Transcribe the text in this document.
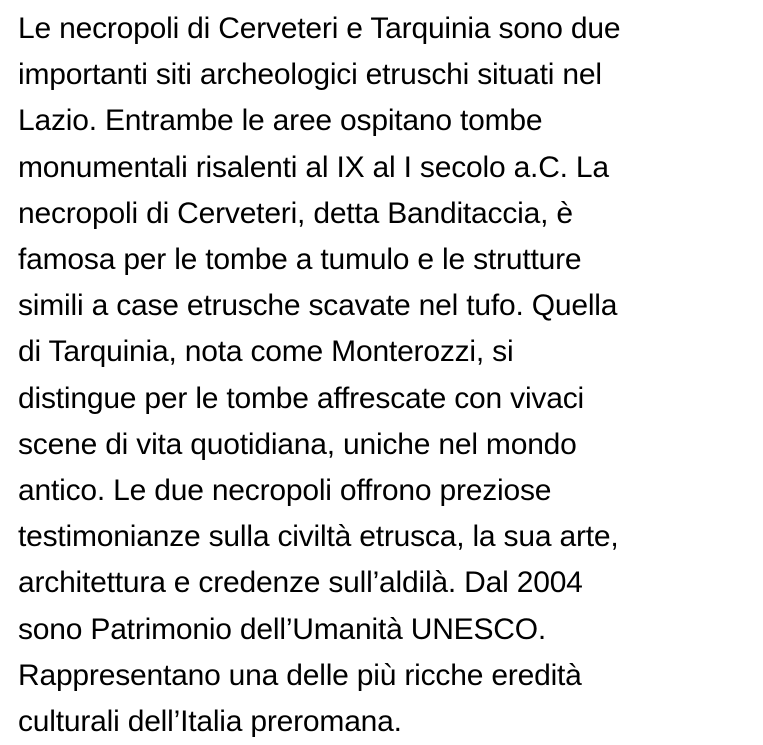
Le necropoli di Cerveteri e Tarquinia sono due
importanti siti archeologici etruschi situati nel
Lazio. Entrambe le aree ospitano tombe
monumentali risalenti al IX al I secolo a.C. La
necropoli di Cerveteri, detta Banditaccia, è
famosa per le tombe a tumulo e le strutture
simili a case etrusche scavate nel tufo. Quella
di Tarquinia, nota come Monterozzi, si
distingue per le tombe affrescate con vivaci
scene di vita quotidiana, uniche nel mondo
antico. Le due necropoli offrono preziose
testimonianze sulla civiltà etrusca, la sua arte,
architettura e credenze sull’aldilà. Dal 2004
sono Patrimonio dell’Umanità UNESCO.
Rappresentano una delle più ricche eredità
culturali dell’Italia preromana.
